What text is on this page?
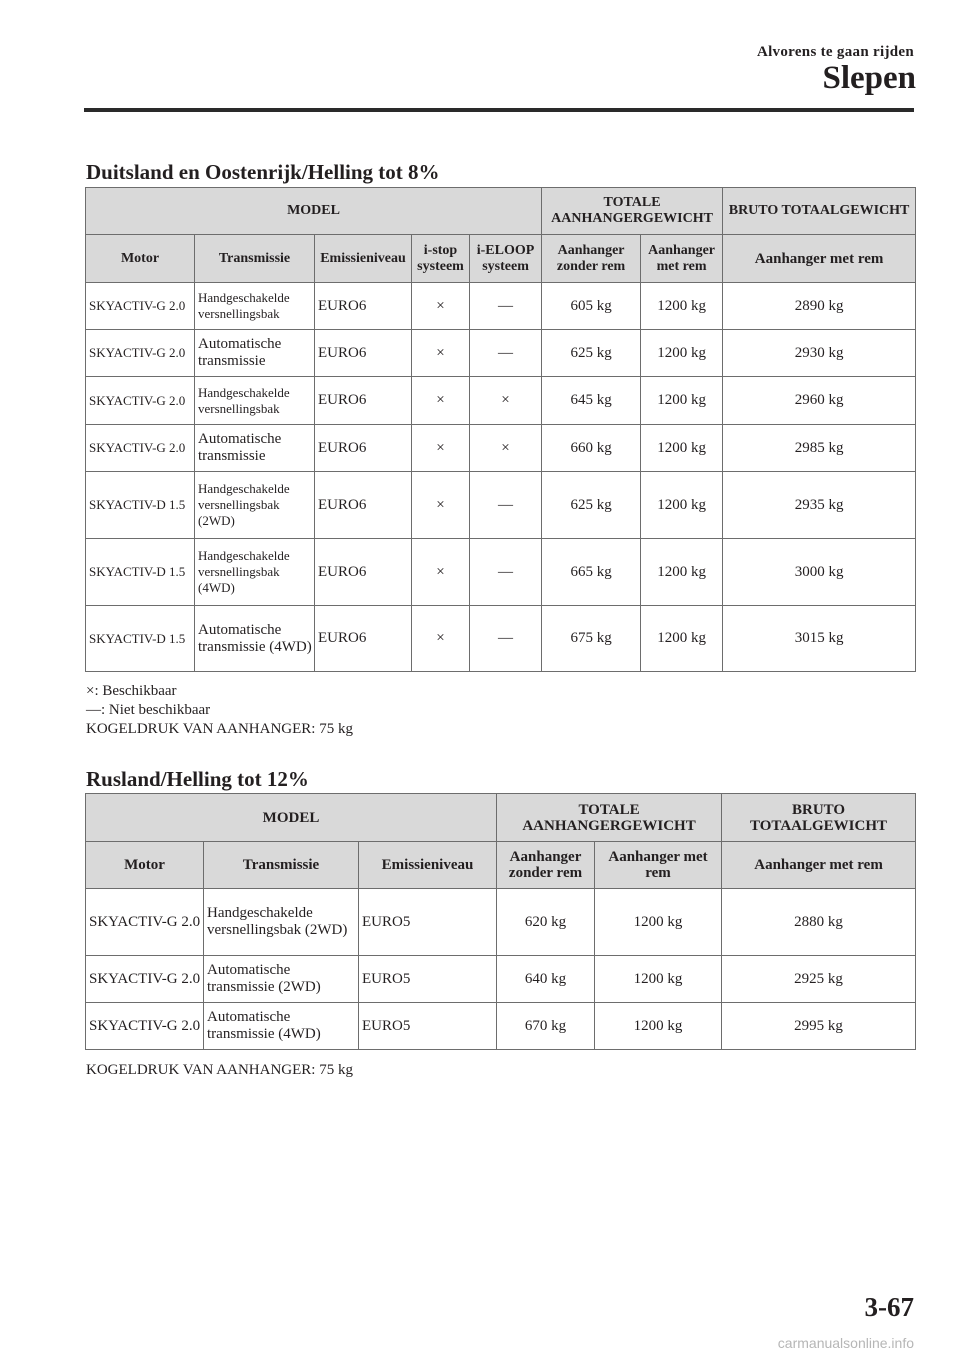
Alvorens te gaan rijden
Slepen
Duitsland en Oostenrijk/Helling tot 8%
MODEL					TOTALE AANHANGERGEWICHT		BRUTO TOTAALGEWICHT
Motor	Transmissie	Emissieniveau	i-stop systeem	i-ELOOP systeem	Aanhanger zonder rem	Aanhanger met rem	Aanhanger met rem
SKYACTIV-G 2.0	Handgeschakelde versnellingsbak	EURO6	×	—	605 kg	1200 kg	2890 kg
SKYACTIV-G 2.0	Automatische transmissie	EURO6	×	—	625 kg	1200 kg	2930 kg
SKYACTIV-G 2.0	Handgeschakelde versnellingsbak	EURO6	×	×	645 kg	1200 kg	2960 kg
SKYACTIV-G 2.0	Automatische transmissie	EURO6	×	×	660 kg	1200 kg	2985 kg
SKYACTIV-D 1.5	Handgeschakelde versnellingsbak (2WD)	EURO6	×	—	625 kg	1200 kg	2935 kg
SKYACTIV-D 1.5	Handgeschakelde versnellingsbak (4WD)	EURO6	×	—	665 kg	1200 kg	3000 kg
SKYACTIV-D 1.5	Automatische transmissie (4WD)	EURO6	×	—	675 kg	1200 kg	3015 kg
×: Beschikbaar
—: Niet beschikbaar
KOGELDRUK VAN AANHANGER: 75 kg
Rusland/Helling tot 12%
MODEL			TOTALE AANHANGERGEWICHT		BRUTO TOTAALGEWICHT
Motor	Transmissie	Emissieniveau	Aanhanger zonder rem	Aanhanger met rem	Aanhanger met rem
SKYACTIV-G 2.0	Handgeschakelde versnellingsbak (2WD)	EURO5	620 kg	1200 kg	2880 kg
SKYACTIV-G 2.0	Automatische transmissie (2WD)	EURO5	640 kg	1200 kg	2925 kg
SKYACTIV-G 2.0	Automatische transmissie (4WD)	EURO5	670 kg	1200 kg	2995 kg
KOGELDRUK VAN AANHANGER: 75 kg
3-67
carmanualsonline.info
